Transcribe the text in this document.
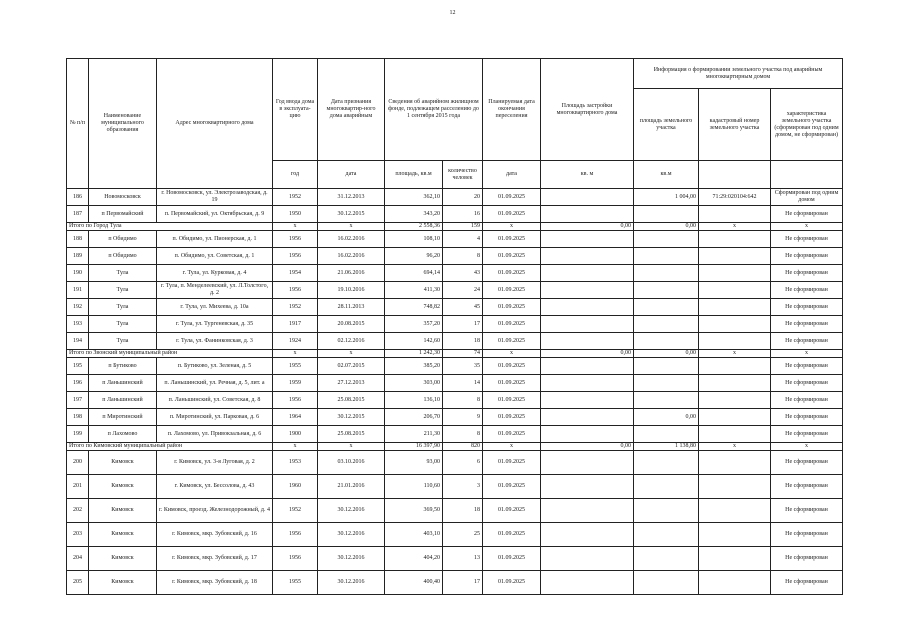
12
№ п/п	Наименование муниципального образования	Адрес многоквартирного дома	Год ввода дома в эксплуата-цию	Дата признания многоквартир-ного дома аварийным	Сведения об аварийном жилищном фонде, подлежащем расселению до 1 сентября 2015 года		Планируемая дата окончания переселения	Площадь застройки многоквартирного дома	Информация о формировании земельного участка под аварийным многоквартирным домом		
									площадь земельного участка	кадастровый номер земельного участка	характеристика земельного участка (сформирован под одним домом, не сформирован)
			год	дата	площадь, кв.м	количество человек	дата	кв. м	кв.м		
186	Новомосковск	г. Новомосковск, ул. Электрозаводская, д. 19	1952	31.12.2013	362,10	20	01.09.2025		1 004,00	71:29:020104:642	Сформирован под одним домом
187	п Первомайский	п. Первомайский, ул. Октябрьская, д. 9	1950	30.12.2015	343,20	16	01.09.2025				Не сформирован
Итого по Город Тула			х	х	2 558,36	159	х	0,00	0,00	х	х
188	п Обидимо	п. Обидимо, ул. Пионерская, д. 1	1956	16.02.2016	108,10	4	01.09.2025				Не сформирован
189	п Обидимо	п. Обидимо, ул. Советская, д. 1	1956	16.02.2016	96,20	8	01.09.2025				Не сформирован
190	Тула	г. Тула, ул. Курковая, д. 4	1954	21.06.2016	694,14	43	01.09.2025				Не сформирован
191	Тула	г. Тула, п. Менделеевский, ул. Л.Толстого, д. 2	1956	19.10.2016	411,30	24	01.09.2025				Не сформирован
192	Тула	г. Тула, ул. Михеева, д. 10а	1952	28.11.2013	748,82	45	01.09.2025				Не сформирован
193	Тула	г. Тула, ул. Тургеневская, д. 35	1917	20.08.2015	357,20	17	01.09.2025				Не сформирован
194	Тула	г. Тула, ул. Фанинковская, д. 3	1924	02.12.2016	142,60	18	01.09.2025				Не сформирован
Итого по Звонский муниципальный район			х	х	1 242,30	74	х	0,00	0,00	х	х
195	п Бутиково	п. Бутиково, ул. Зеленая, д. 5	1955	02.07.2015	385,20	35	01.09.2025				Не сформирован
196	п Ланьшинский	п. Ланьшинский, ул. Речная, д. 5, лит. а	1959	27.12.2013	303,00	14	01.09.2025				Не сформирован
197	п Ланьшинский	п. Ланьшинский, ул. Советская, д. 8	1956	25.08.2015	136,10	8	01.09.2025				Не сформирован
198	п Миротинский	п. Миротинский, ул. Парковая, д. 6	1964	30.12.2015	206,70	9	01.09.2025		0,00		Не сформирован
199	п Лахомово	п. Лахомово, ул. Привокзальная, д. 6	1900	25.08.2015	211,30	8	01.09.2025				Не сформирован
Итого по Кимовский муниципальный район			х	х	16 397,90	820	х	0,00	1 138,80	х	х
200	Кимовск	г. Кимовск, ул. 3-я Луговая, д. 2	1953	03.10.2016	93,00	6	01.09.2025				Не сформирован
201	Кимовск	г. Кимовск, ул. Бессолова, д. 43	1960	21.01.2016	110,60	3	01.09.2025				Не сформирован
202	Кимовск	г. Кимовск, проезд. Железнодорожный, д. 4	1952	30.12.2016	369,50	18	01.09.2025				Не сформирован
203	Кимовск	г. Кимовск, мкр. Зубовский, д. 16	1956	30.12.2016	403,10	25	01.09.2025				Не сформирован
204	Кимовск	г. Кимовск, мкр. Зубовский, д. 17	1956	30.12.2016	404,20	13	01.09.2025				Не сформирован
205	Кимовск	г. Кимовск, мкр. Зубовский, д. 18	1955	30.12.2016	400,40	17	01.09.2025				Не сформирован
